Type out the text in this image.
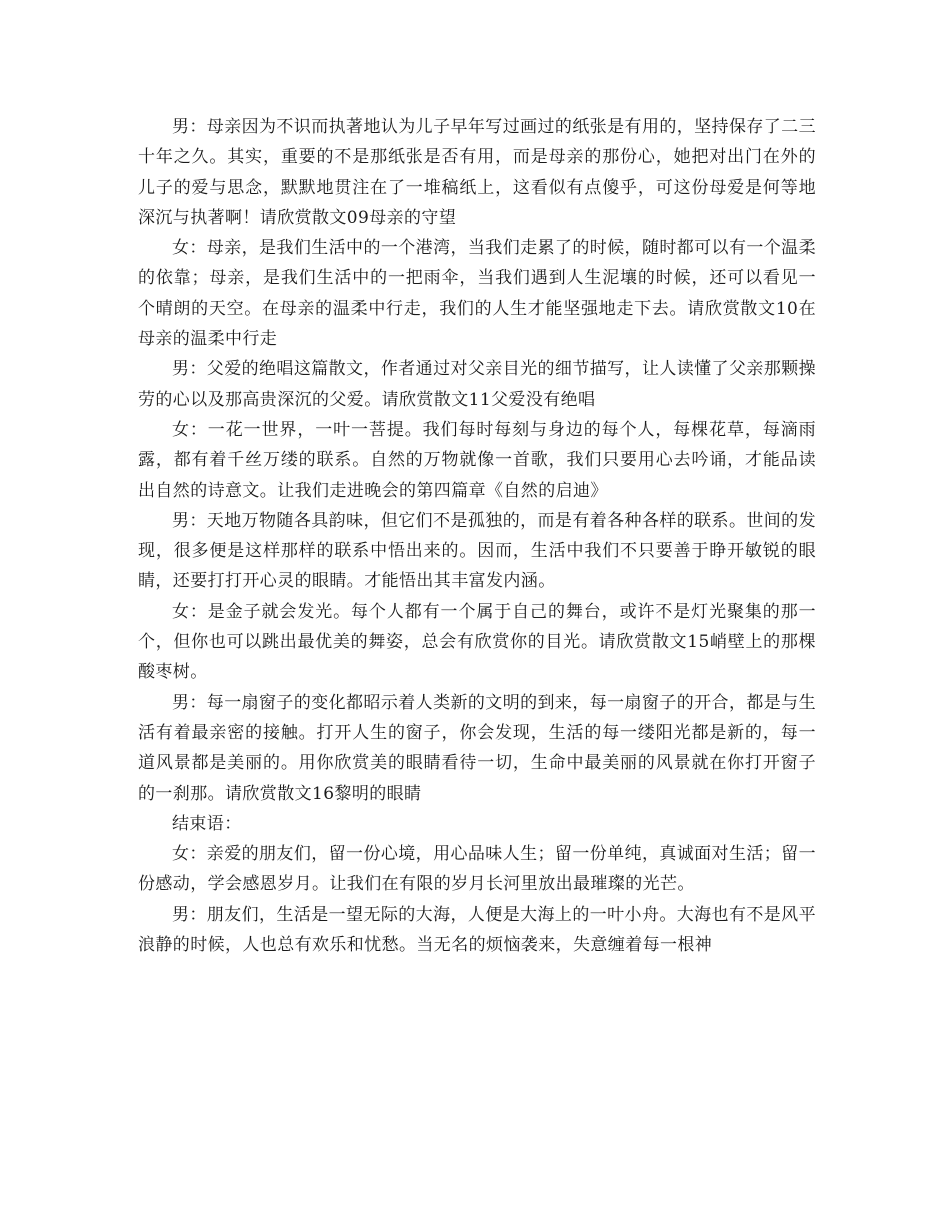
男：母亲因为不识而执著地认为儿子早年写过画过的纸张是有用的，坚持保存了二三十年之久。其实，重要的不是那纸张是否有用，而是母亲的那份心，她把对出门在外的儿子的爱与思念，默默地贯注在了一堆稿纸上，这看似有点傻乎，可这份母爱是何等地深沉与执著啊！请欣赏散文09母亲的守望

女：母亲，是我们生活中的一个港湾，当我们走累了的时候，随时都可以有一个温柔的依靠；母亲，是我们生活中的一把雨伞，当我们遇到人生泥壤的时候，还可以看见一个晴朗的天空。在母亲的温柔中行走，我们的人生才能坚强地走下去。请欣赏散文10在母亲的温柔中行走

男：父爱的绝唱这篇散文，作者通过对父亲目光的细节描写，让人读懂了父亲那颗操劳的心以及那高贵深沉的父爱。请欣赏散文11父爱没有绝唱

女：一花一世界，一叶一菩提。我们每时每刻与身边的每个人，每棵花草，每滴雨露，都有着千丝万缕的联系。自然的万物就像一首歌，我们只要用心去吟诵，才能品读出自然的诗意文。让我们走进晚会的第四篇章《自然的启迪》

男：天地万物随各具韵味，但它们不是孤独的，而是有着各种各样的联系。世间的发现，很多便是这样那样的联系中悟出来的。因而，生活中我们不只要善于睁开敏锐的眼睛，还要打打开心灵的眼睛。才能悟出其丰富发内涵。

女：是金子就会发光。每个人都有一个属于自己的舞台，或许不是灯光聚集的那一个，但你也可以跳出最优美的舞姿，总会有欣赏你的目光。请欣赏散文15峭壁上的那棵酸枣树。

男：每一扇窗子的变化都昭示着人类新的文明的到来，每一扇窗子的开合，都是与生活有着最亲密的接触。打开人生的窗子，你会发现，生活的每一缕阳光都是新的，每一道风景都是美丽的。用你欣赏美的眼睛看待一切，生命中最美丽的风景就在你打开窗子的一刹那。请欣赏散文16黎明的眼睛

结束语：

女：亲爱的朋友们，留一份心境，用心品味人生；留一份单纯，真诚面对生活；留一份感动，学会感恩岁月。让我们在有限的岁月长河里放出最璀璨的光芒。

男：朋友们，生活是一望无际的大海，人便是大海上的一叶小舟。大海也有不是风平浪静的时候，人也总有欢乐和忧愁。当无名的烦恼袭来，失意缠着每一根神
